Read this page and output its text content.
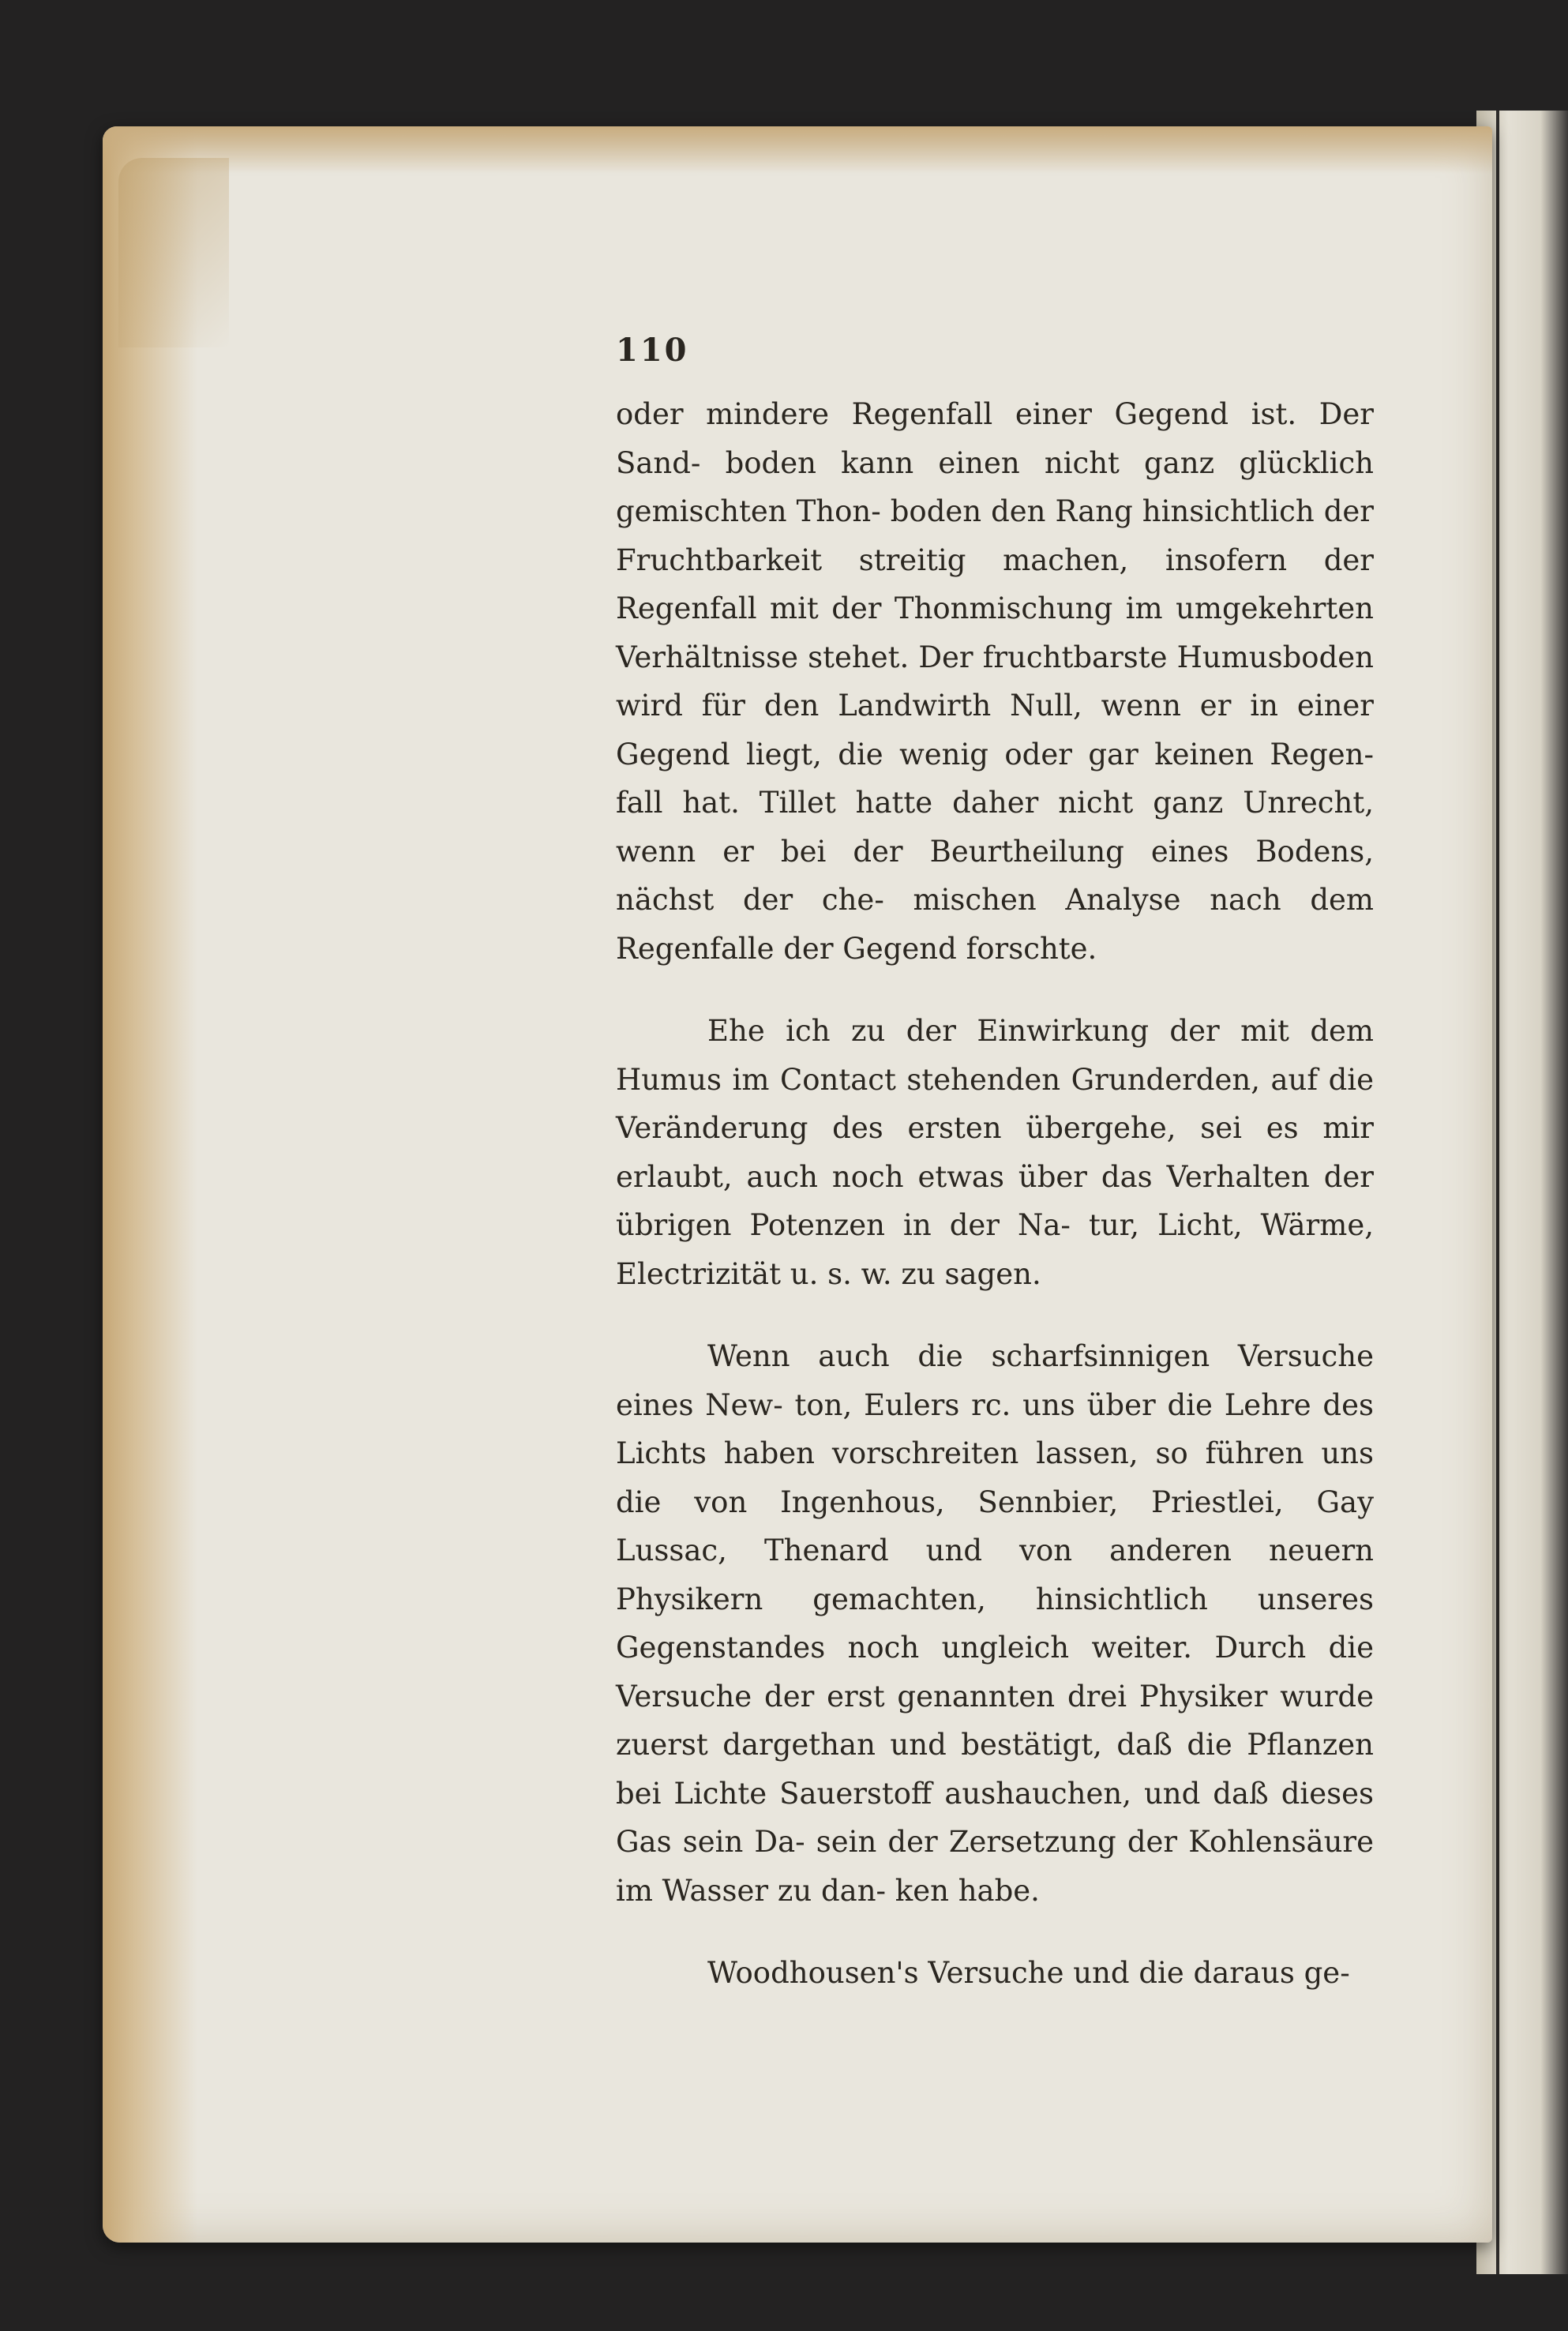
110

oder mindere Regenfall einer Gegend ist. Der Sand- boden kann einen nicht ganz glücklich gemischten Thon- boden den Rang hinsichtlich der Fruchtbarkeit streitig machen, insofern der Regenfall mit der Thonmischung im umgekehrten Verhältnisse stehet. Der fruchtbarste Humusboden wird für den Landwirth Null, wenn er in einer Gegend liegt, die wenig oder gar keinen Regen- fall hat. Tillet hatte daher nicht ganz Unrecht, wenn er bei der Beurtheilung eines Bodens, nächst der che- mischen Analyse nach dem Regenfalle der Gegend forschte.

Ehe ich zu der Einwirkung der mit dem Humus im Contact stehenden Grunderden, auf die Veränderung des ersten übergehe, sei es mir erlaubt, auch noch etwas über das Verhalten der übrigen Potenzen in der Na- tur, Licht, Wärme, Electrizität u. s. w. zu sagen.

Wenn auch die scharfsinnigen Versuche eines New- ton, Eulers rc. uns über die Lehre des Lichts haben vorschreiten lassen, so führen uns die von Ingenhous, Sennbier, Priestlei, Gay Lussac, Thenard und von anderen neuern Physikern gemachten, hinsichtlich unseres Gegenstandes noch ungleich weiter. Durch die Versuche der erst genannten drei Physiker wurde zuerst dargethan und bestätigt, daß die Pflanzen bei Lichte Sauerstoff aushauchen, und daß dieses Gas sein Da- sein der Zersetzung der Kohlensäure im Wasser zu dan- ken habe.

Woodhousen's Versuche und die daraus ge-
